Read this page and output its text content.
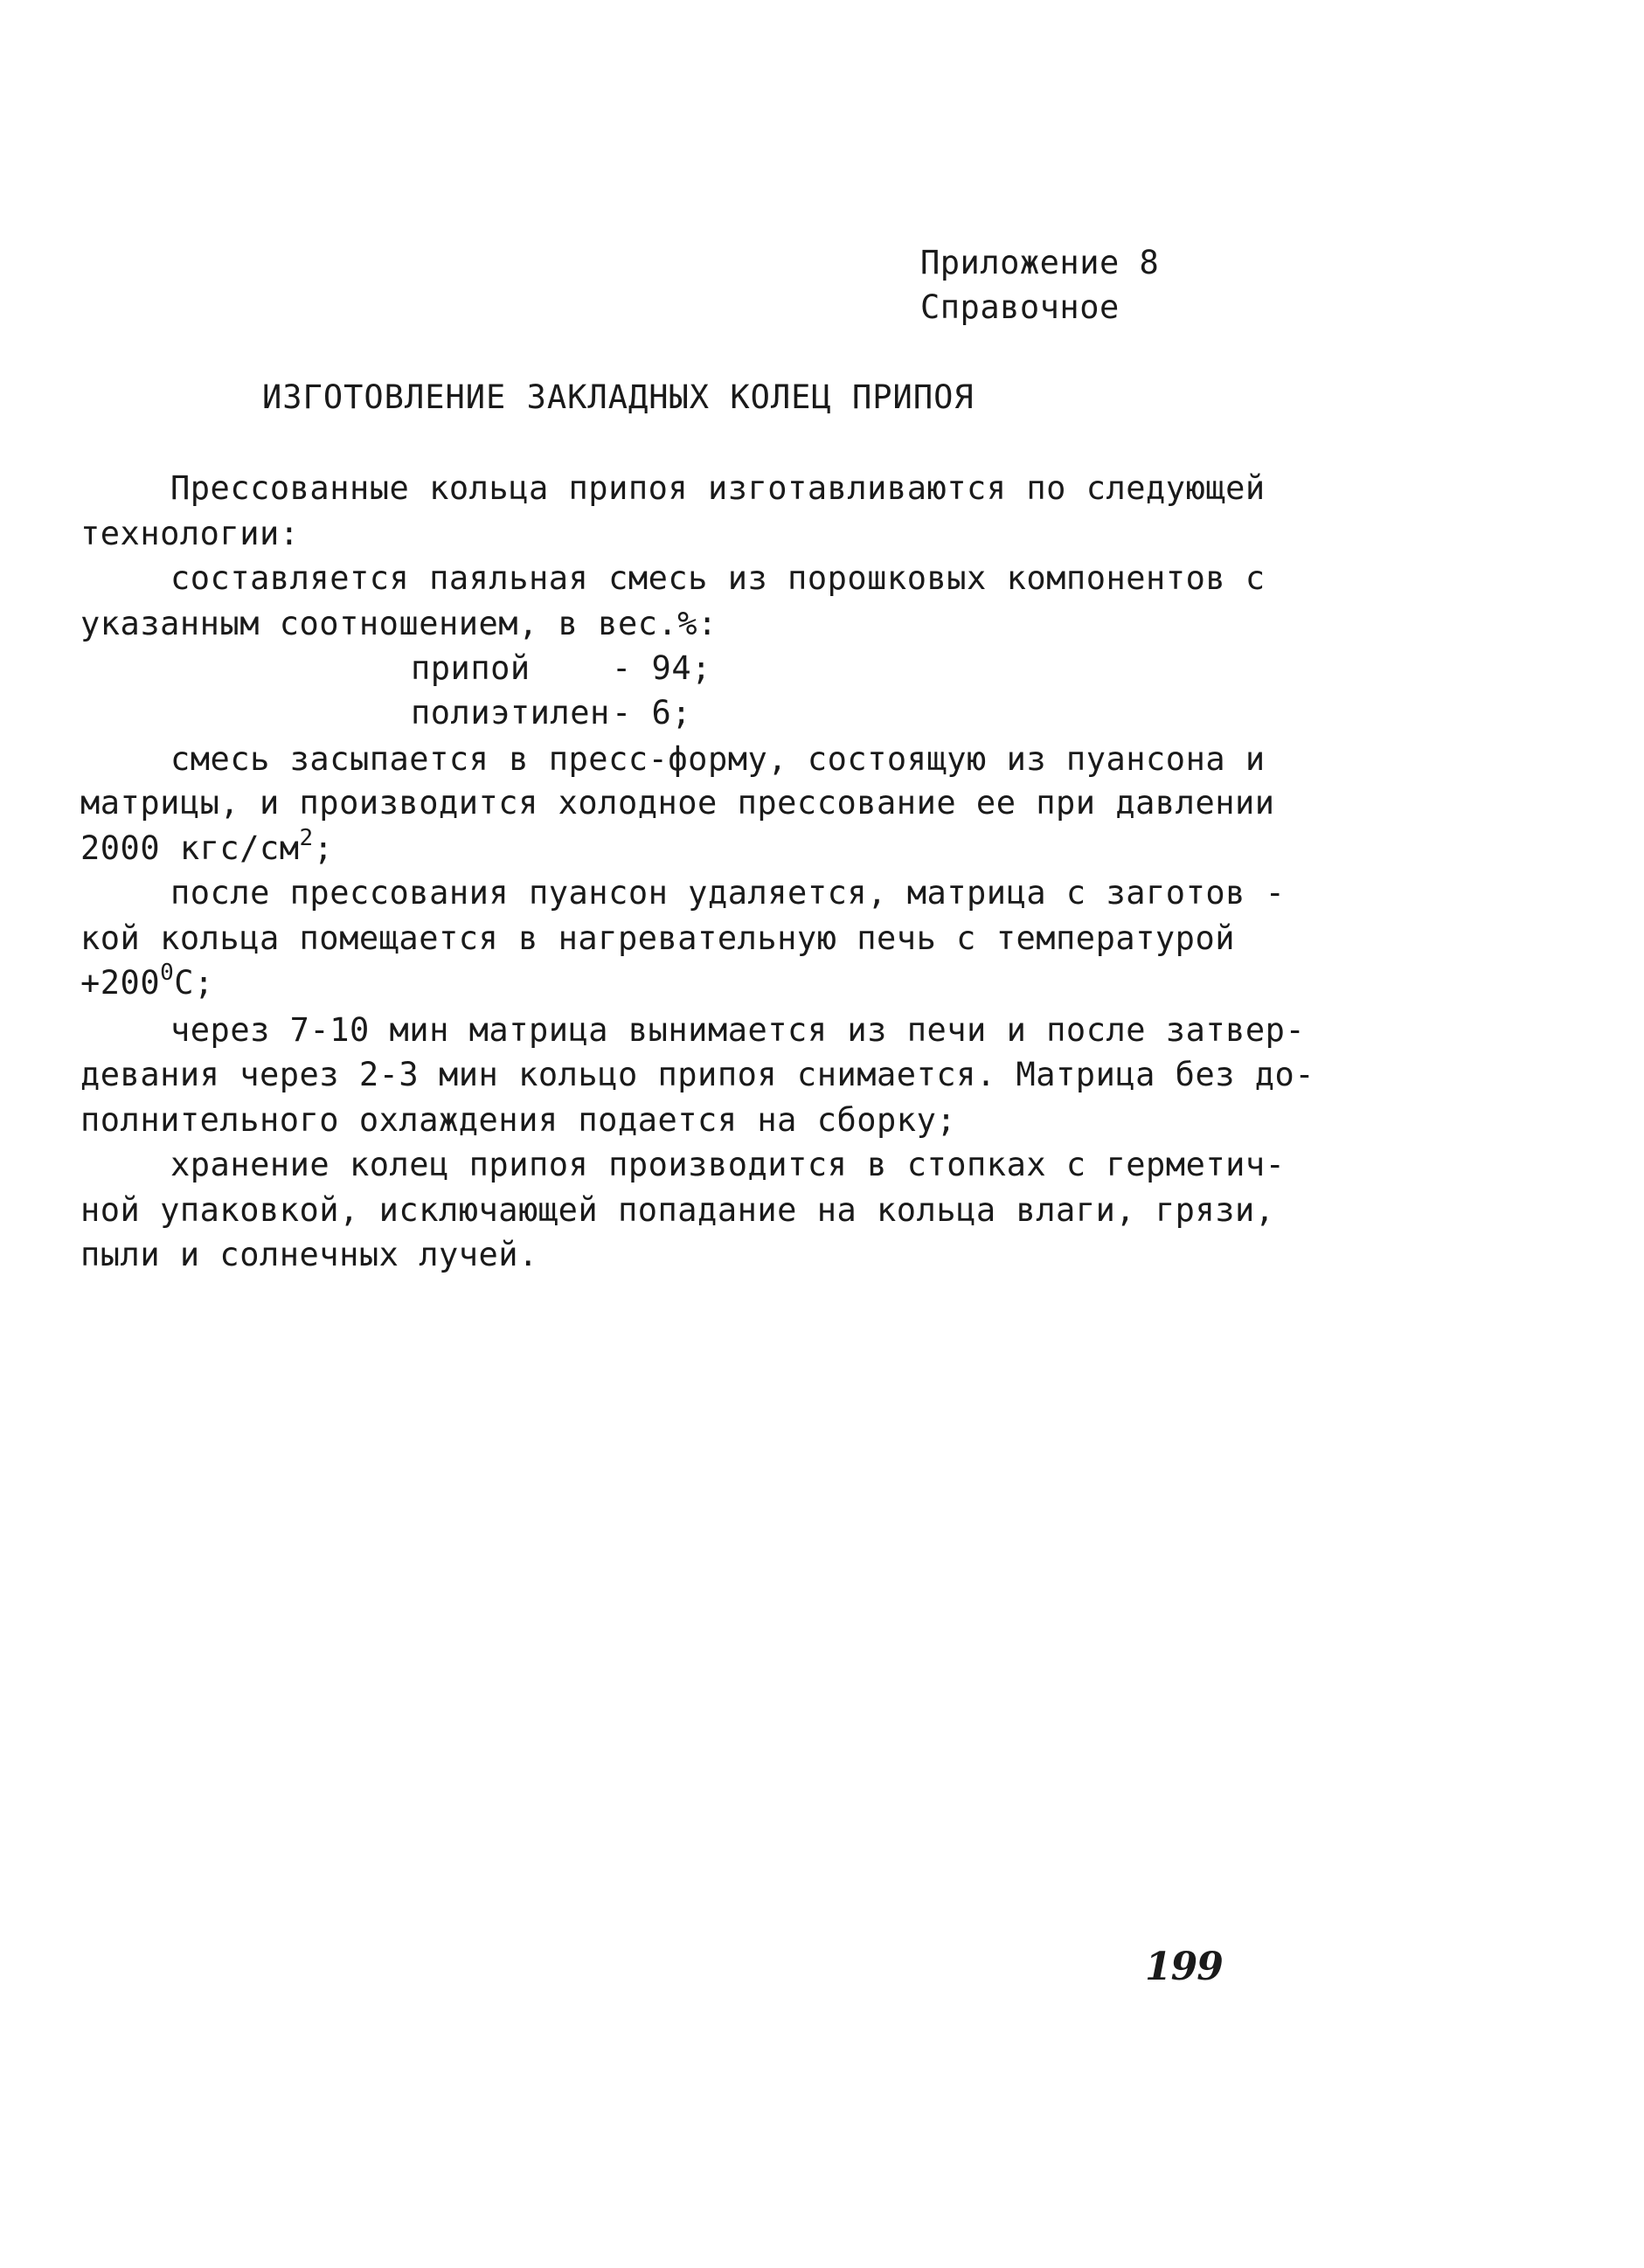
Приложение 8
Справочное
ИЗГОТОВЛЕНИЕ ЗАКЛАДНЫХ КОЛЕЦ ПРИПОЯ
Прессованные кольца припоя изготавливаются по следующей
технологии:
составляется паяльная смесь из порошковых компонентов с
указанным соотношением, в вес.%:
припой	- 94;
полиэтилен - 6;
смесь засыпается в пресс-форму, состоящую из пуансона и
матрицы, и производится холодное прессование ее при давлении
2000 кгс/$см^2$;
после прессования пуансон удаляется, матрица с заготов -
кой кольца помещается в нагревательную печь с температурой
$+200^0С$;
через 7-10 мин матрица вынимается из печи и после затвер-
девания через 2-3 мин кольцо припоя снимается. Матрица без до-
полнительного охлаждения подается на сборку;
хранение колец припоя производится в стопках с герметич-
ной упаковкой, исключающей попадание на кольца влаги, грязи,
пыли и солнечных лучей.
199
